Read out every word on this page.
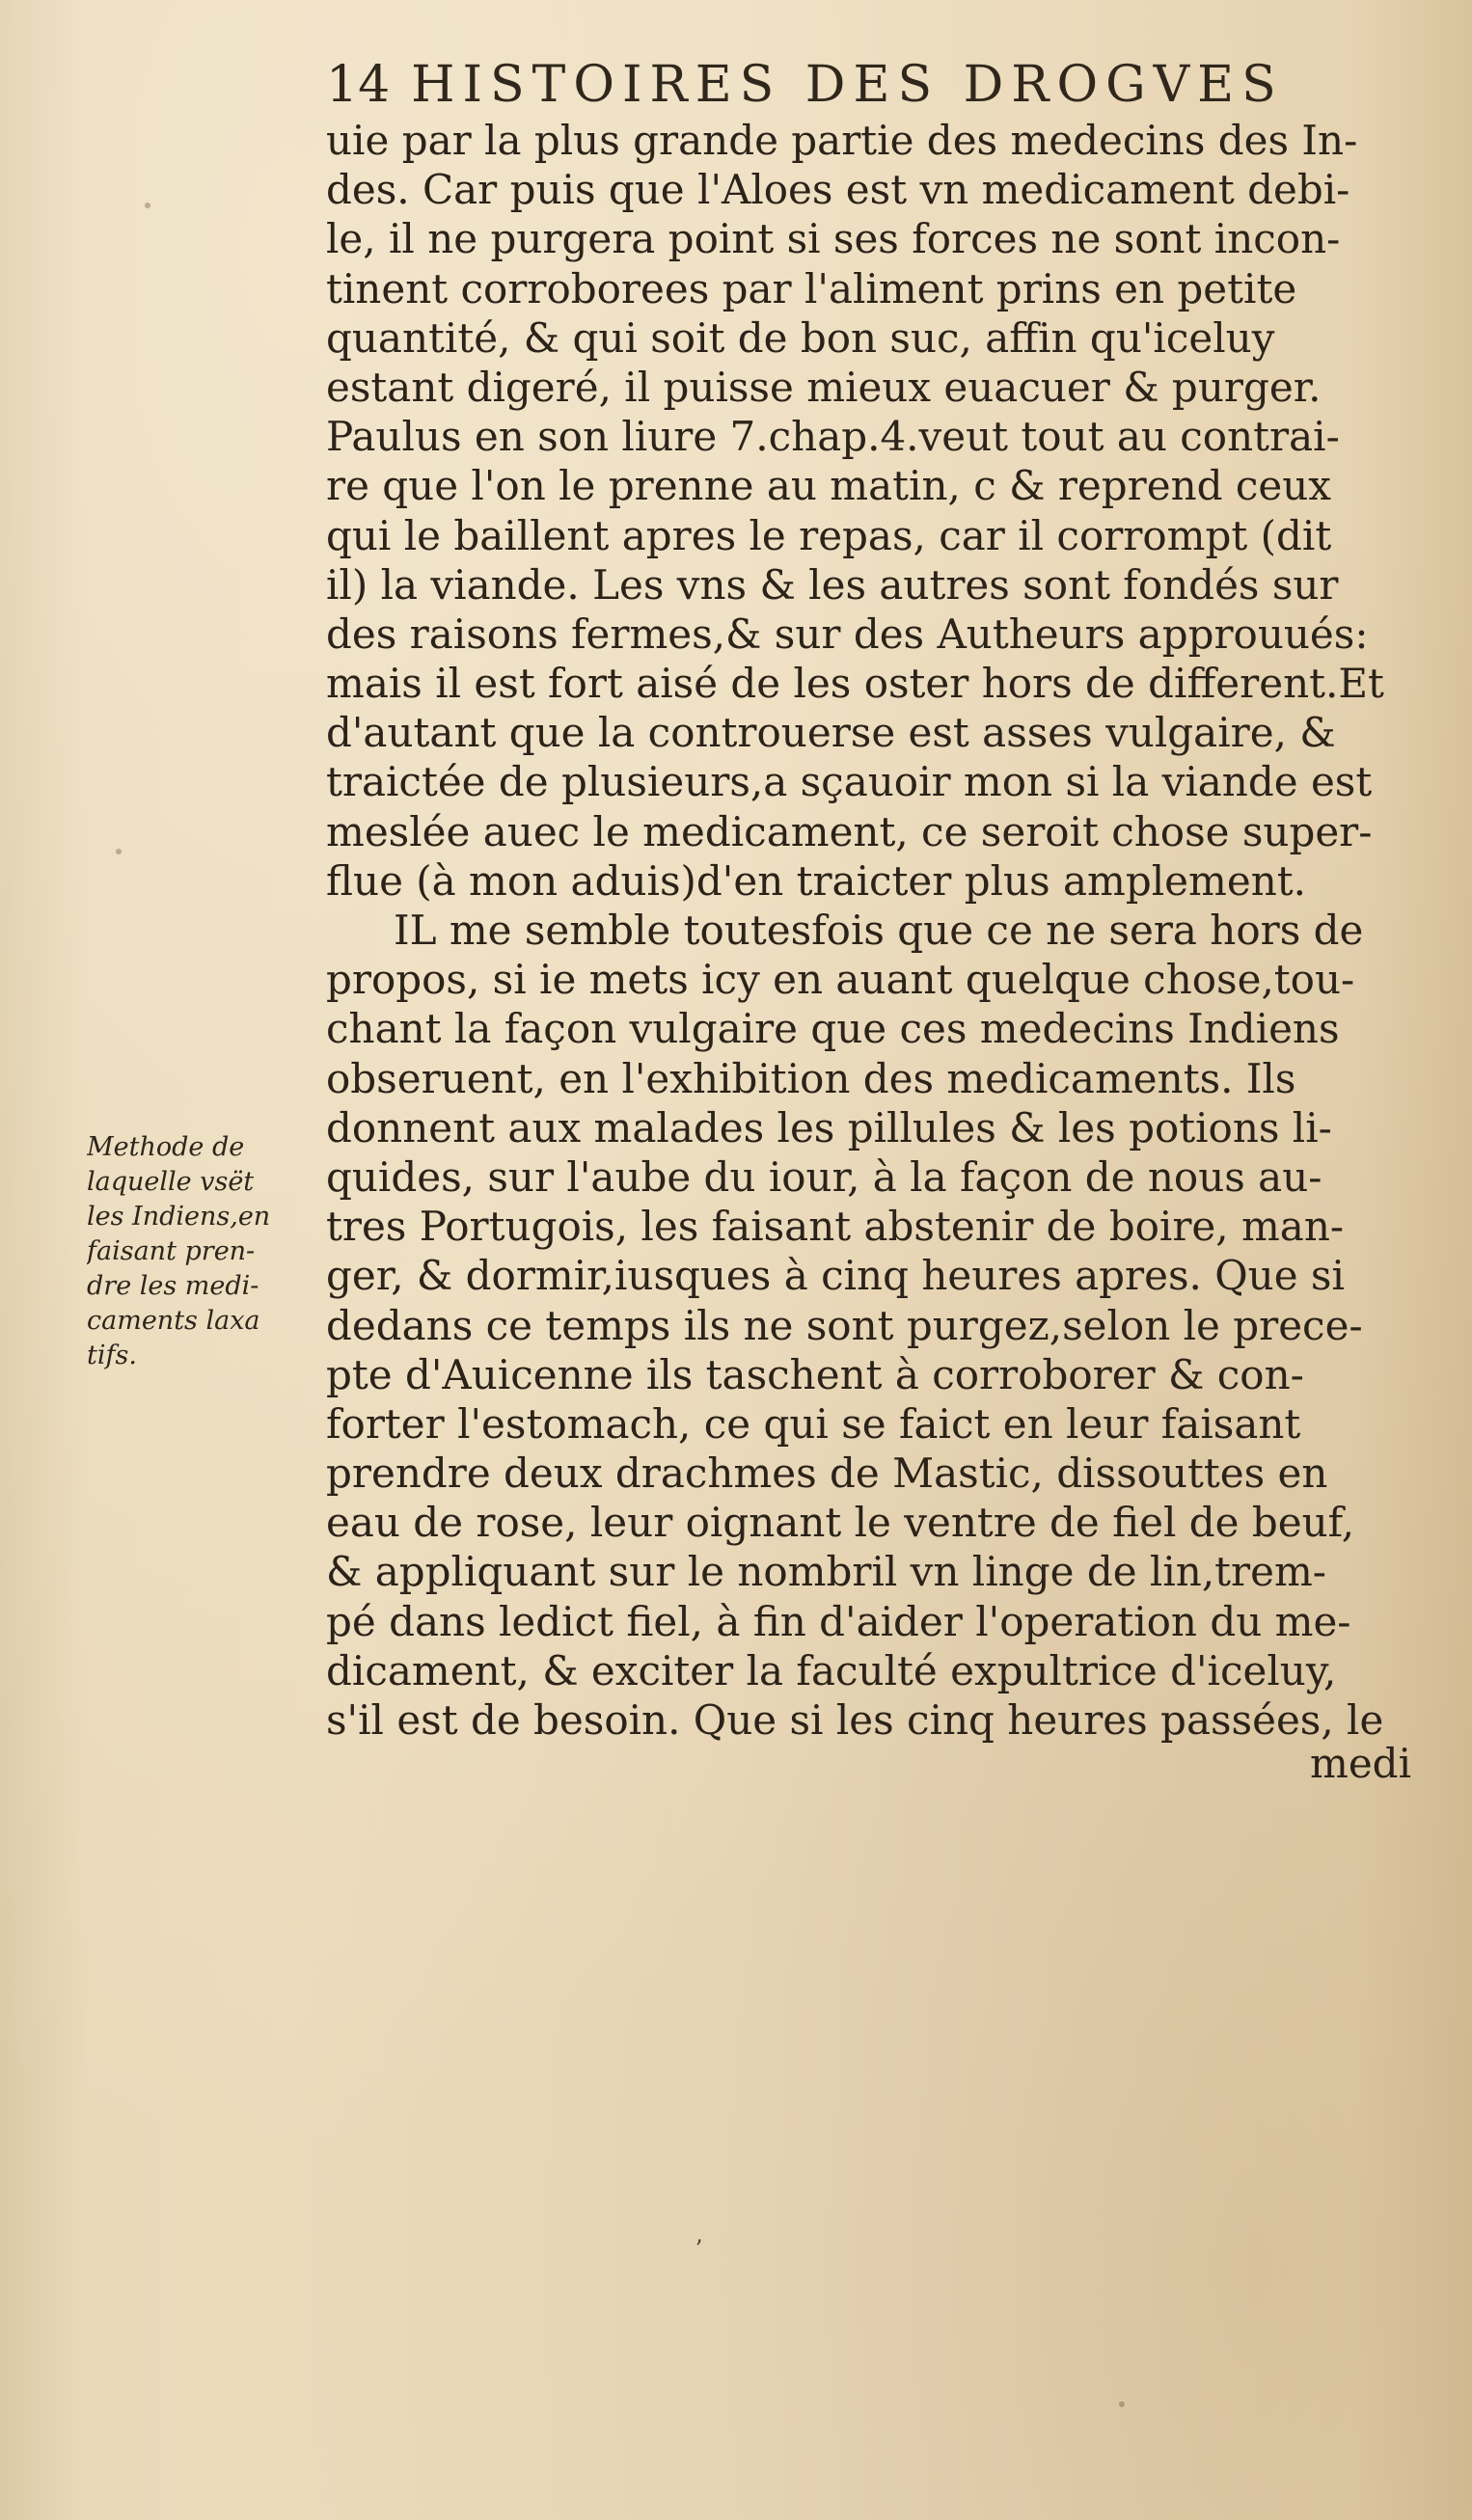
14 HISTOIRES DES DROGVES
Methode de
laquelle vsët
les Indiens,en
faisant pren-
dre les medi-
caments laxa
tifs.
uie par la plus grande partie des medecins des In-
des. Car puis que l'Aloes est vn medicament debi-
le, il ne purgera point si ses forces ne sont incon-
tinent corroborees par l'aliment prins en petite
quantité, & qui soit de bon suc, affin qu'iceluy
estant digeré, il puisse mieux euacuer & purger.
Paulus en son liure 7.chap.4.veut tout au contrai-
re que l'on le prenne au matin, c & reprend ceux
qui le baillent apres le repas, car il corrompt (dit
il) la viande. Les vns & les autres sont fondés sur
des raisons fermes,& sur des Autheurs approuués:
mais il est fort aisé de les oster hors de different.Et
d'autant que la controuerse est asses vulgaire, &
traictée de plusieurs,a sçauoir mon si la viande est
meslée auec le medicament, ce seroit chose super-
flue (à mon aduis)d'en traicter plus amplement.
IL me semble toutesfois que ce ne sera hors de
propos, si ie mets icy en auant quelque chose,tou-
chant la façon vulgaire que ces medecins Indiens
obseruent, en l'exhibition des medicaments. Ils
donnent aux malades les pillules & les potions li-
quides, sur l'aube du iour, à la façon de nous au-
tres Portugois, les faisant abstenir de boire, man-
ger, & dormir,iusques à cinq heures apres. Que si
dedans ce temps ils ne sont purgez,selon le prece-
pte d'Auicenne ils taschent à corroborer & con-
forter l'estomach, ce qui se faict en leur faisant
prendre deux drachmes de Mastic, dissouttes en
eau de rose, leur oignant le ventre de fiel de beuf,
& appliquant sur le nombril vn linge de lin,trem-
pé dans ledict fiel, à fin d'aider l'operation du me-
dicament, & exciter la faculté expultrice d'iceluy,
s'il est de besoin. Que si les cinq heures passées, le
medi
ʼ
